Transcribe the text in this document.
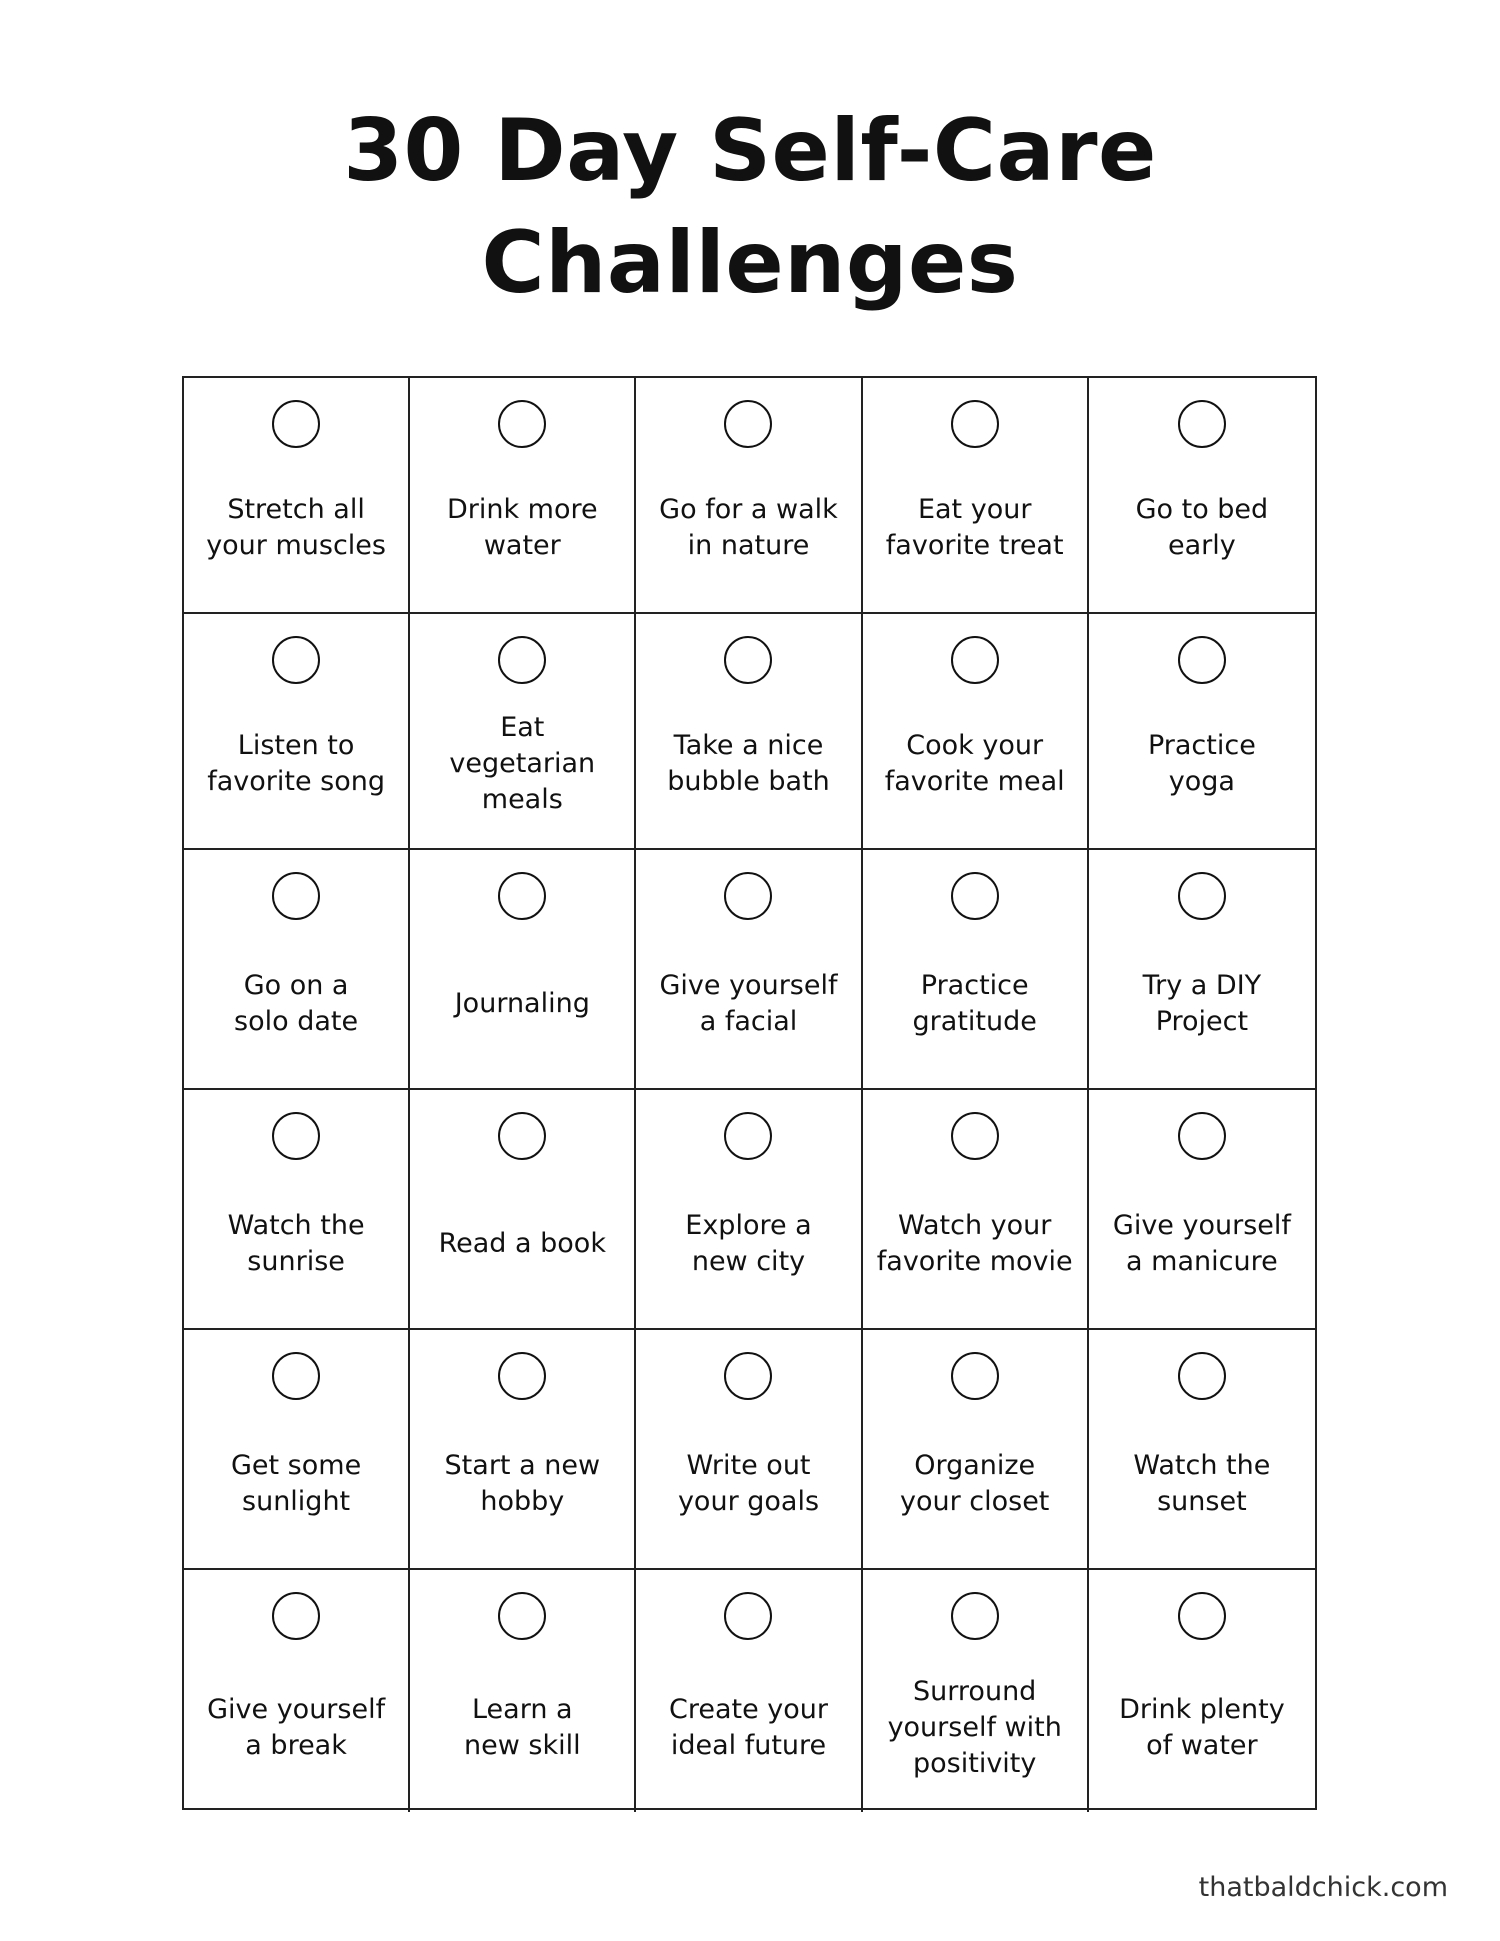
30 Day Self-Care
Challenges
Stretch all
your muscles
Drink more
water
Go for a walk
in nature
Eat your
favorite treat
Go to bed
early
Listen to
favorite song
Eat
vegetarian
meals
Take a nice
bubble bath
Cook your
favorite meal
Practice
yoga
Go on a
solo date
Journaling
Give yourself
a facial
Practice
gratitude
Try a DIY
Project
Watch the
sunrise
Read a book
Explore a
new city
Watch your
favorite movie
Give yourself
a manicure
Get some
sunlight
Start a new
hobby
Write out
your goals
Organize
your closet
Watch the
sunset
Give yourself
a break
Learn a
new skill
Create your
ideal future
Surround
yourself with
positivity
Drink plenty
of water
thatbaldchick.com
